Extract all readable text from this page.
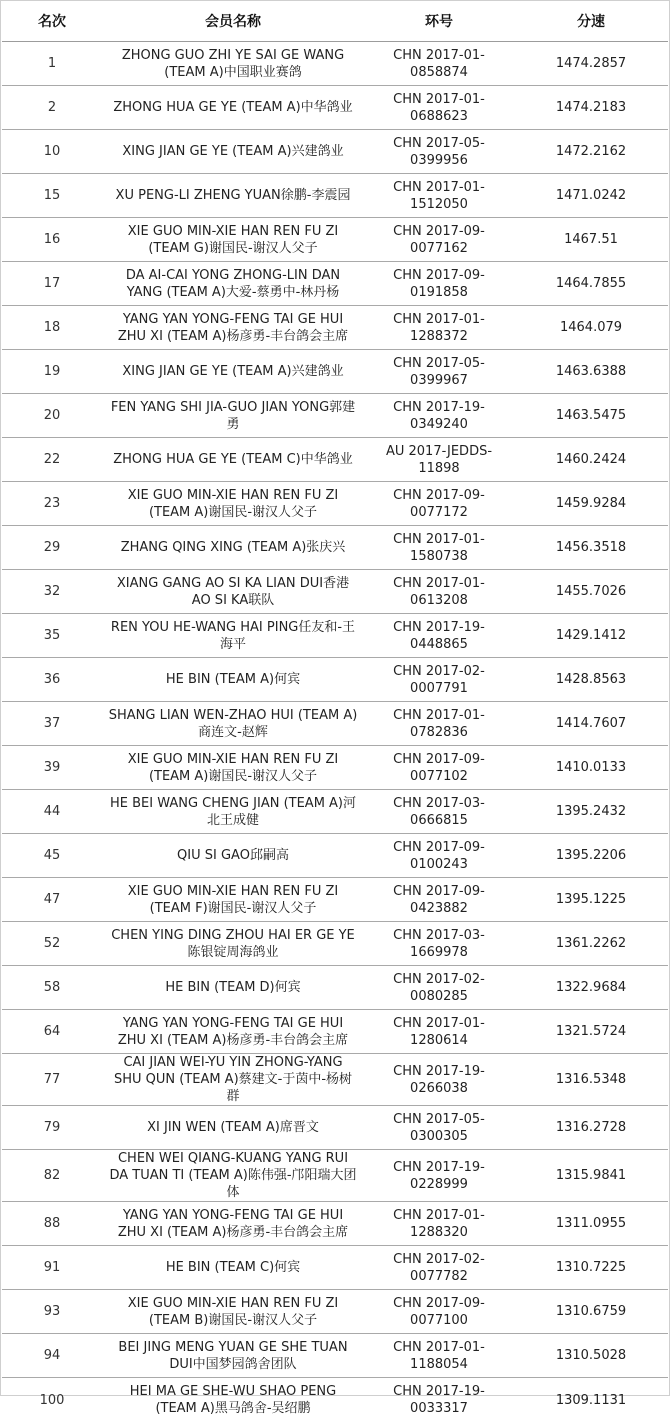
名次	会员名称	环号	分速
1	ZHONG GUO ZHI YE SAI GE WANG (TEAM A)中国职业赛鸽	CHN 2017-01-0858874	1474.2857
2	ZHONG HUA GE YE (TEAM A)中华鸽业	CHN 2017-01-0688623	1474.2183
10	XING JIAN GE YE (TEAM A)兴建鸽业	CHN 2017-05-0399956	1472.2162
15	XU PENG-LI ZHENG YUAN徐鹏-李震园	CHN 2017-01-1512050	1471.0242
16	XIE GUO MIN-XIE HAN REN FU ZI (TEAM G)谢国民-谢汉人父子	CHN 2017-09-0077162	1467.51
17	DA AI-CAI YONG ZHONG-LIN DAN YANG (TEAM A)大爱-蔡勇中-林丹杨	CHN 2017-09-0191858	1464.7855
18	YANG YAN YONG-FENG TAI GE HUI ZHU XI (TEAM A)杨彦勇-丰台鸽会主席	CHN 2017-01-1288372	1464.079
19	XING JIAN GE YE (TEAM A)兴建鸽业	CHN 2017-05-0399967	1463.6388
20	FEN YANG SHI JIA-GUO JIAN YONG郭建勇	CHN 2017-19-0349240	1463.5475
22	ZHONG HUA GE YE (TEAM C)中华鸽业	AU 2017-JEDDS-11898	1460.2424
23	XIE GUO MIN-XIE HAN REN FU ZI (TEAM A)谢国民-谢汉人父子	CHN 2017-09-0077172	1459.9284
29	ZHANG QING XING (TEAM A)张庆兴	CHN 2017-01-1580738	1456.3518
32	XIANG GANG AO SI KA LIAN DUI香港AO SI KA联队	CHN 2017-01-0613208	1455.7026
35	REN YOU HE-WANG HAI PING任友和-王海平	CHN 2017-19-0448865	1429.1412
36	HE BIN (TEAM A)何宾	CHN 2017-02-0007791	1428.8563
37	SHANG LIAN WEN-ZHAO HUI (TEAM A)商连文-赵辉	CHN 2017-01-0782836	1414.7607
39	XIE GUO MIN-XIE HAN REN FU ZI (TEAM A)谢国民-谢汉人父子	CHN 2017-09-0077102	1410.0133
44	HE BEI WANG CHENG JIAN (TEAM A)河北王成健	CHN 2017-03-0666815	1395.2432
45	QIU SI GAO邱嗣高	CHN 2017-09-0100243	1395.2206
47	XIE GUO MIN-XIE HAN REN FU ZI (TEAM F)谢国民-谢汉人父子	CHN 2017-09-0423882	1395.1225
52	CHEN YING DING ZHOU HAI ER GE YE陈银锭周海鸽业	CHN 2017-03-1669978	1361.2262
58	HE BIN (TEAM D)何宾	CHN 2017-02-0080285	1322.9684
64	YANG YAN YONG-FENG TAI GE HUI ZHU XI (TEAM A)杨彦勇-丰台鸽会主席	CHN 2017-01-1280614	1321.5724
77	CAI JIAN WEI-YU YIN ZHONG-YANG SHU QUN (TEAM A)蔡建文-于茵中-杨树群	CHN 2017-19-0266038	1316.5348
79	XI JIN WEN (TEAM A)席晋文	CHN 2017-05-0300305	1316.2728
82	CHEN WEI QIANG-KUANG YANG RUI DA TUAN TI (TEAM A)陈伟强-邝阳瑞大团体	CHN 2017-19-0228999	1315.9841
88	YANG YAN YONG-FENG TAI GE HUI ZHU XI (TEAM A)杨彦勇-丰台鸽会主席	CHN 2017-01-1288320	1311.0955
91	HE BIN (TEAM C)何宾	CHN 2017-02-0077782	1310.7225
93	XIE GUO MIN-XIE HAN REN FU ZI (TEAM B)谢国民-谢汉人父子	CHN 2017-09-0077100	1310.6759
94	BEI JING MENG YUAN GE SHE TUAN DUI中国梦园鸽舍团队	CHN 2017-01-1188054	1310.5028
100	HEI MA GE SHE-WU SHAO PENG (TEAM A)黑马鸽舍-吴绍鹏	CHN 2017-19-0033317	1309.1131
